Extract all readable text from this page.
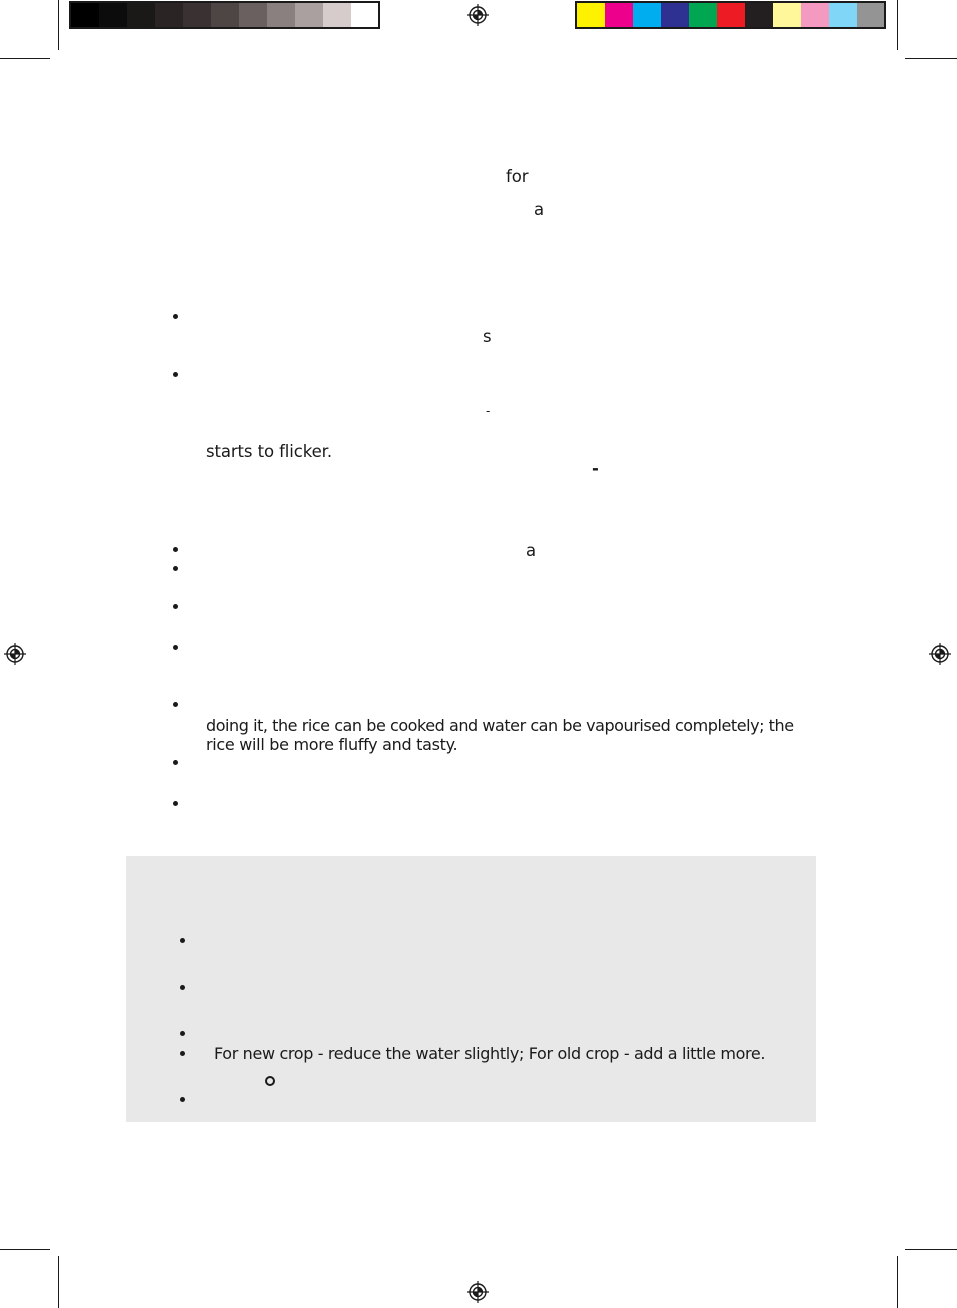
for
a
s
-
starts to flicker.
-
a
doing it, the rice can be cooked and water can be vapourised completely; the
rice will be more fluffy and tasty.
For new crop - reduce the water slightly; For old crop - add a little more.
